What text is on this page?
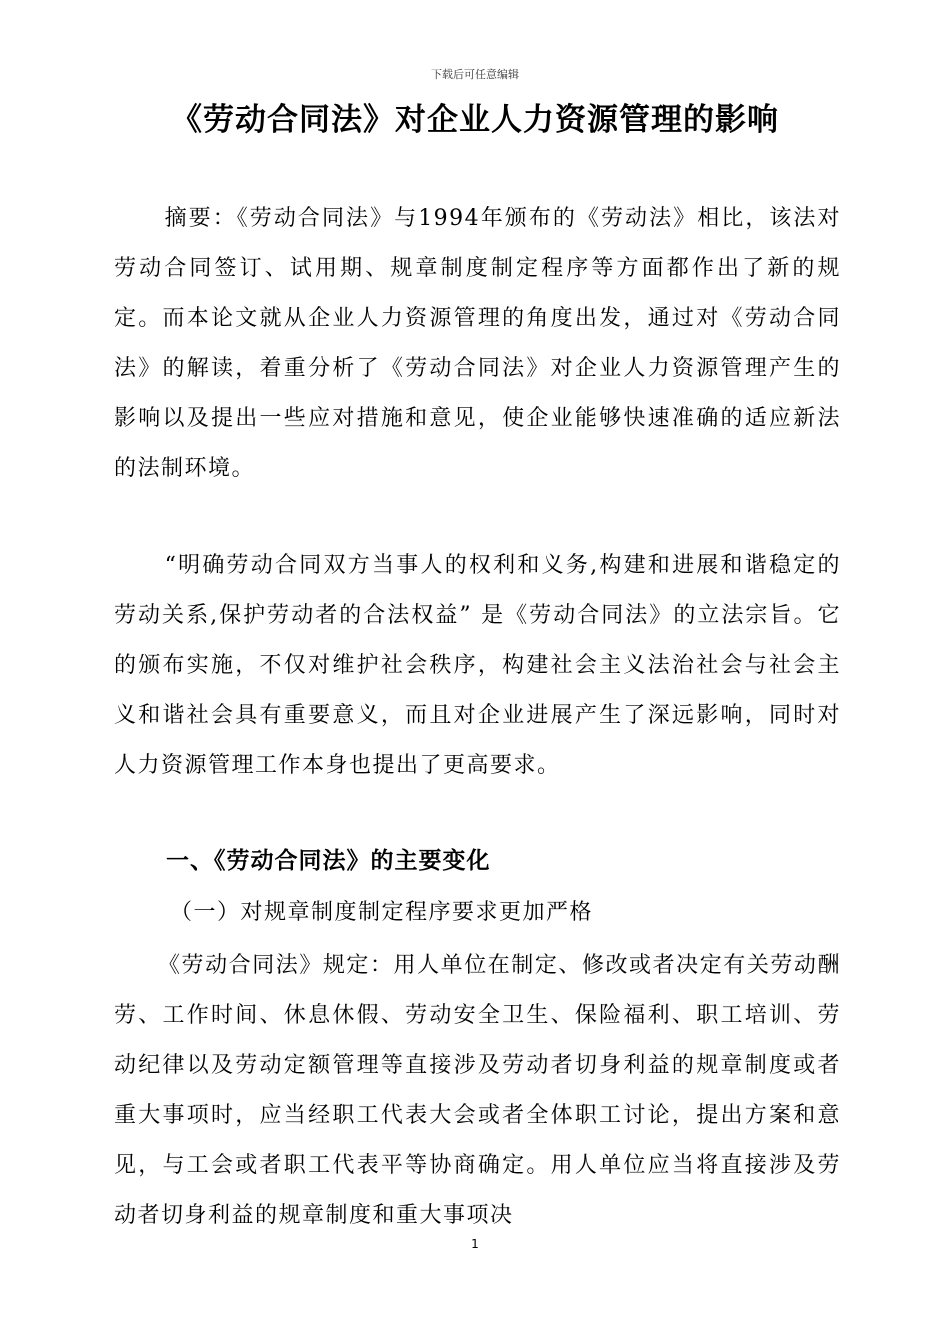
下载后可任意编辑
《劳动合同法》对企业人力资源管理的影响

摘要：《劳动合同法》与1994年颁布的《劳动法》相比，该法对劳动合同签订、试用期、规章制度制定程序等方面都作出了新的规定。而本论文就从企业人力资源管理的角度出发，通过对《劳动合同法》的解读，着重分析了《劳动合同法》对企业人力资源管理产生的影响以及提出一些应对措施和意见，使企业能够快速准确的适应新法的法制环境。

“明确劳动合同双方当事人的权利和义务,构建和进展和谐稳定的劳动关系,保护劳动者的合法权益” 是《劳动合同法》的立法宗旨。它的颁布实施，不仅对维护社会秩序，构建社会主义法治社会与社会主义和谐社会具有重要意义，而且对企业进展产生了深远影响，同时对人力资源管理工作本身也提出了更高要求。

一、《劳动合同法》的主要变化
（一）对规章制度制定程序要求更加严格

《劳动合同法》规定：用人单位在制定、修改或者决定有关劳动酬劳、工作时间、休息休假、劳动安全卫生、保险福利、职工培训、劳动纪律以及劳动定额管理等直接涉及劳动者切身利益的规章制度或者重大事项时，应当经职工代表大会或者全体职工讨论，提出方案和意见，与工会或者职工代表平等协商确定。用人单位应当将直接涉及劳动者切身利益的规章制度和重大事项决

1
